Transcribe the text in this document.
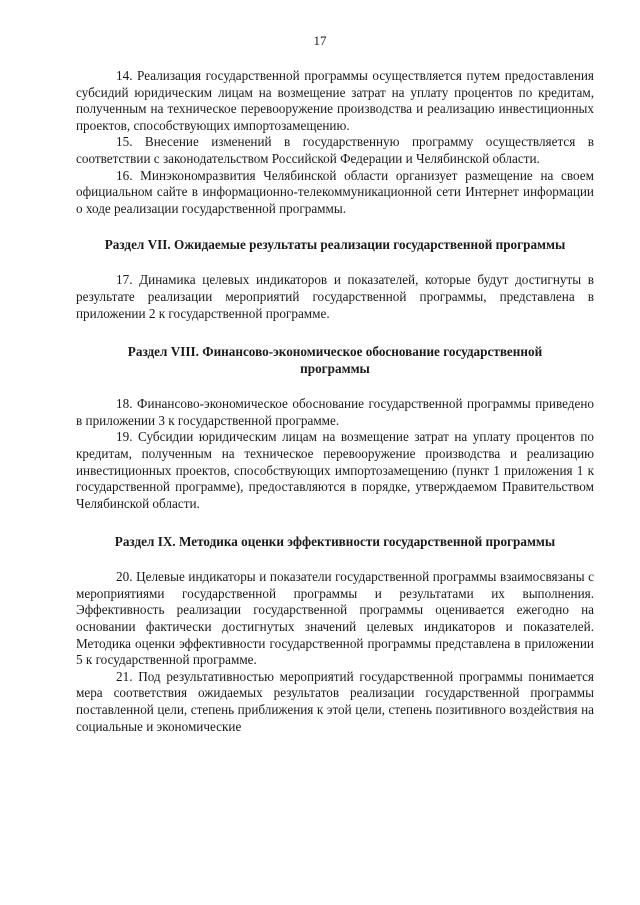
17

14. Реализация государственной программы осуществляется путем предоставления субсидий юридическим лицам на возмещение затрат на уплату процентов по кредитам, полученным на техническое перевооружение производства и реализацию инвестиционных проектов, способствующих импортозамещению.

15. Внесение изменений в государственную программу осуществляется в соответствии с законодательством Российской Федерации и Челябинской области.

16. Минэкономразвития Челябинской области организует размещение на своем официальном сайте в информационно-телекоммуникационной сети Интернет информации о ходе реализации государственной программы.

Раздел VII. Ожидаемые результаты реализации государственной программы

17. Динамика целевых индикаторов и показателей, которые будут достигнуты в результате реализации мероприятий государственной программы, представлена в приложении 2 к государственной программе.

Раздел VIII. Финансово-экономическое обоснование государственной программы

18. Финансово-экономическое обоснование государственной программы приведено в приложении 3 к государственной программе.

19. Субсидии юридическим лицам на возмещение затрат на уплату процентов по кредитам, полученным на техническое перевооружение производства и реализацию инвестиционных проектов, способствующих импортозамещению (пункт 1 приложения 1 к государственной программе), предоставляются в порядке, утверждаемом Правительством Челябинской области.

Раздел IX. Методика оценки эффективности государственной программы

20. Целевые индикаторы и показатели государственной программы взаимосвязаны с мероприятиями государственной программы и результатами их выполнения. Эффективность реализации государственной программы оценивается ежегодно на основании фактически достигнутых значений целевых индикаторов и показателей. Методика оценки эффективности государственной программы представлена в приложении 5 к государственной программе.

21. Под результативностью мероприятий государственной программы понимается мера соответствия ожидаемых результатов реализации государственной программы поставленной цели, степень приближения к этой цели, степень позитивного воздействия на социальные и экономические
